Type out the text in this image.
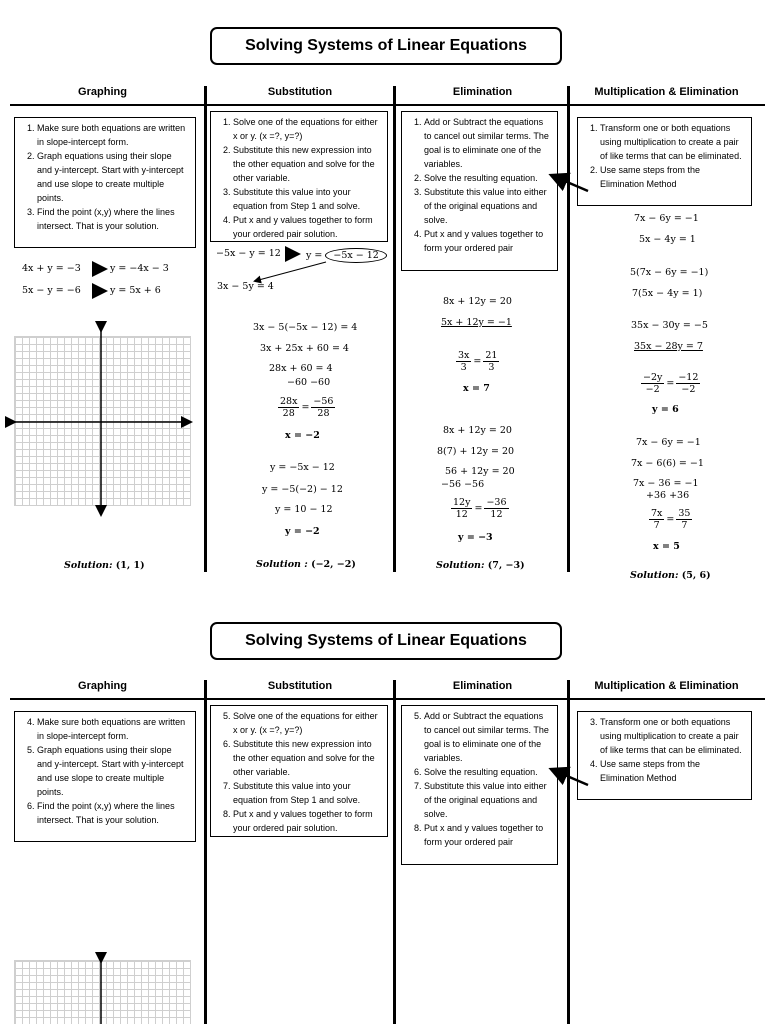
Solving Systems of Linear Equations
Graphing	Substitution	Elimination	Multiplication & Elimination
1. Make sure both equations are written in slope-intercept form.
2. Graph equations using their slope and y-intercept. Start with y-intercept and use slope to create multiple points.
3. Find the point (x,y) where the lines intersect. That is your solution.
4x + y = −3	y = −4x − 3
5x − y = −6	y = 5x + 6
Solution: (1, 1)
1. Solve one of the equations for either x or y. (x =?, y=?)
2. Substitute this new expression into the other equation and solve for the other variable.
3. Substitute this value into your equation from Step 1 and solve.
4. Put x and y values together to form your ordered pair solution.
−5x − y = 12	y = −5x − 12
3x − 5y = 4
3x − 5(−5x − 12) = 4
3x + 25x + 60 = 4
28x + 60 = 4
−60 −60
$\frac{28x}{28} = \frac{-56}{28}$
x = −2
y = −5x − 12
y = −5(−2) − 12
y = 10 − 12
y = −2
Solution : (−2, −2)
1. Add or Subtract the equations to cancel out similar terms. The goal is to eliminate one of the variables.
2. Solve the resulting equation.
3. Substitute this value into either of the original equations and solve.
4. Put x and y values together to form your ordered pair
8x + 12y = 20
5x + 12y = −1
$\frac{3x}{3} = \frac{21}{3}$
x = 7
8x + 12y = 20
8(7) + 12y = 20
56 + 12y = 20
−56 −56
$\frac{12y}{12} = \frac{-36}{12}$
y = −3
Solution: (7, −3)
1. Transform one or both equations using multiplication to create a pair of like terms that can be eliminated.
2. Use same steps from the Elimination Method
7x − 6y = −1
5x − 4y = 1
5(7x − 6y = −1)
7(5x − 4y = 1)
35x − 30y = −5
35x − 28y = 7
$\frac{-2y}{-2} = \frac{-12}{-2}$
y = 6
7x − 6y = −1
7x − 6(6) = −1
7x − 36 = −1
+36 +36
$\frac{7x}{7} = \frac{35}{7}$
x = 5
Solution: (5, 6)
Solving Systems of Linear Equations
Graphing	Substitution	Elimination	Multiplication & Elimination
4. Make sure both equations are written in slope-intercept form.
5. Graph equations using their slope and y-intercept. Start with y-intercept and use slope to create multiple points.
6. Find the point (x,y) where the lines intersect. That is your solution.
5. Solve one of the equations for either x or y. (x =?, y=?)
6. Substitute this new expression into the other equation and solve for the other variable.
7. Substitute this value into your equation from Step 1 and solve.
8. Put x and y values together to form your ordered pair solution.
5. Add or Subtract the equations to cancel out similar terms. The goal is to eliminate one of the variables.
6. Solve the resulting equation.
7. Substitute this value into either of the original equations and solve.
8. Put x and y values together to form your ordered pair
3. Transform one or both equations using multiplication to create a pair of like terms that can be eliminated.
4. Use same steps from the Elimination Method
